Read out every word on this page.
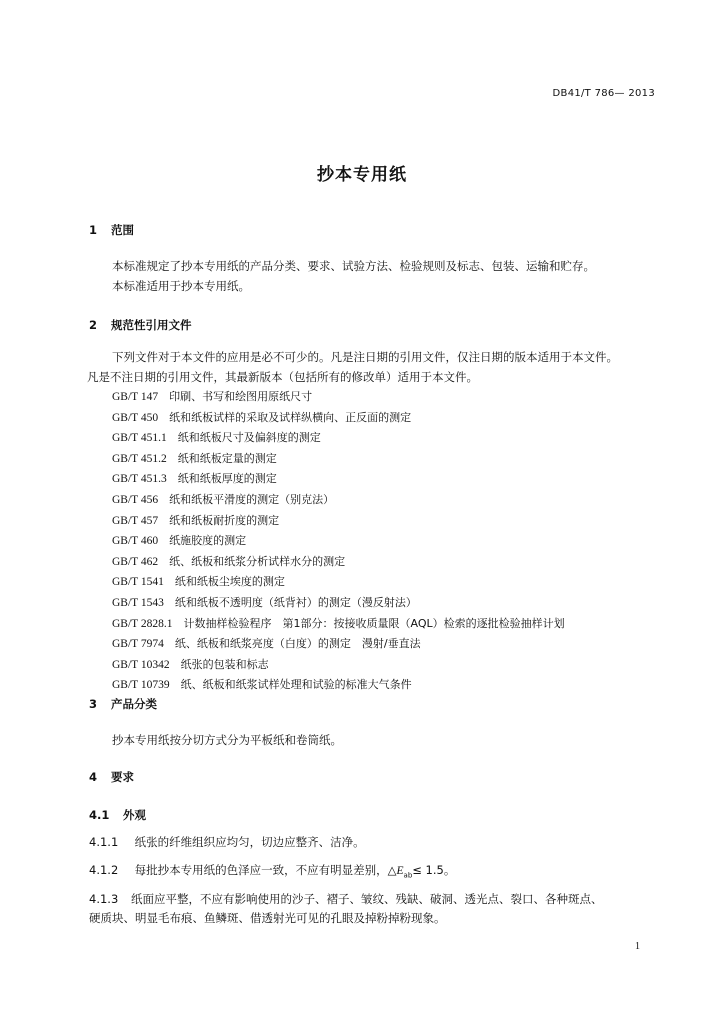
DB41/T 786— 2013
抄本专用纸
1 范围
本标准规定了抄本专用纸的产品分类、要求、试验方法、检验规则及标志、包装、运输和贮存。
本标准适用于抄本专用纸。
2 规范性引用文件
下列文件对于本文件的应用是必不可少的。凡是注日期的引用文件，仅注日期的版本适用于本文件。
凡是不注日期的引用文件，其最新版本（包括所有的修改单）适用于本文件。
GB/T 147　 印刷、书写和绘图用原纸尺寸
GB/T 450　 纸和纸板试样的采取及试样纵横向、正反面的测定
GB/T 451.1　 纸和纸板尺寸及偏斜度的测定
GB/T 451.2　 纸和纸板定量的测定
GB/T 451.3　 纸和纸板厚度的测定
GB/T 456　 纸和纸板平滑度的测定（别克法）
GB/T 457　 纸和纸板耐折度的测定
GB/T 460　 纸施胶度的测定
GB/T 462　 纸、纸板和纸浆分析试样水分的测定
GB/T 1541　 纸和纸板尘埃度的测定
GB/T 1543　 纸和纸板不透明度（纸背衬）的测定（漫反射法）
GB/T 2828.1　 计数抽样检验程序　第1部分：按接收质量限（AQL）检索的逐批检验抽样计划
GB/T 7974　 纸、纸板和纸浆亮度（白度）的测定　漫射/垂直法
GB/T 10342　 纸张的包装和标志
GB/T 10739　 纸、纸板和纸浆试样处理和试验的标准大气条件
3 产品分类
抄本专用纸按分切方式分为平板纸和卷筒纸。
4 要求
4.1 外观
4.1.1 纸张的纤维组织应均匀，切边应整齐、洁净。
4.1.2 每批抄本专用纸的色泽应一致，不应有明显差别，$\triangle E_{ab}\le 1.5$。
4.1.3 纸面应平整，不应有影响使用的沙子、褶子、皱纹、残缺、破洞、透光点、裂口、各种斑点、
硬质块、明显毛布痕、鱼鳞斑、借透射光可见的孔眼及掉粉掉粉现象。
1
